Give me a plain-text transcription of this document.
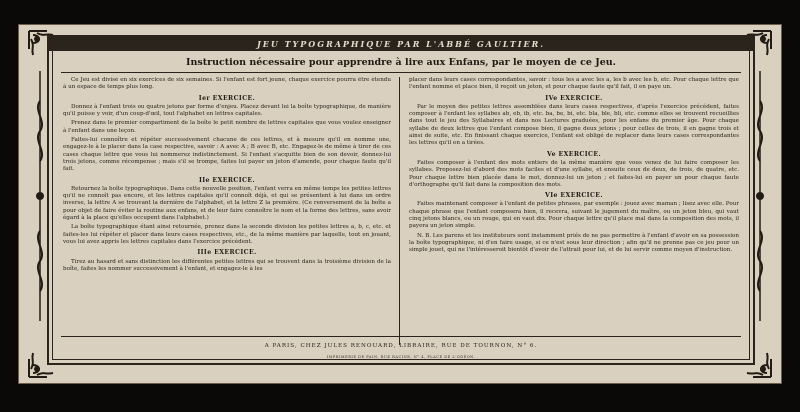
JEU TYPOGRAPHIQUE PAR L'ABBÉ GAULTIER.
Instruction nécessaire pour apprendre à lire aux Enfans, par le moyen de ce Jeu.

Ce Jeu est divisé en six exercices de six semaines. Si l'enfant est fort jeune, chaque exercice pourra être étendu à un espace de temps plus long.

Ier EXERCICE.

Donnez à l'enfant trois ou quatre jetons par forme d'enjeu. Placez devant lui la boîte typographique, de manière qu'il puisse y voir, d'un coup-d'œil, tout l'alphabet en lettres capitales.

Prenez dans le premier compartiment de la boîte le petit nombre de lettres capitales que vous voulez enseigner à l'enfant dans une leçon.

Faites-lui connoître et répéter successivement chacune de ces lettres, et à mesure qu'il en nomme une, engagez-le à le placer dans la case respective, savoir : A avec A ; B avec B, etc. Engagez-le de même à tirer de ces cases chaque lettre que vous lui nommerez indistinctement. Si l'enfant s'acquitte bien de son devoir, donnez-lui trois jetons, comme récompense ; mais s'il se trompe, faites lui payer un jeton d'amende, pour chaque faute qu'il fait.

IIe EXERCICE.

Retournez la boîte typographique. Dans cette nouvelle position, l'enfant verra en même temps les petites lettres qu'il ne connoît pas encore, et les lettres capitales qu'il connoît déjà, et qui se présentent à lui dans un ordre inverse, la lettre A se trouvant la dernière de l'alphabet, et la lettre Z la première. (Ce renversement de la boîte a pour objet de faire éviter la routine aux enfans, et de leur faire connoître le nom et la forme des lettres, sans avoir égard à la place qu'elles occupent dans l'alphabet.)

La boîte typographique étant ainsi retournée, prenez dans la seconde division les petites lettres a, b, c, etc. et faites-les lui répéter et placer dans leurs cases respectives, etc., de la même manière par laquelle, tout en jouant, vous lui avez appris les lettres capitales dans l'exercice précédent.

IIIe EXERCICE.

Tirez au hasard et sans distinction les différentes petites lettres qui se trouvent dans la troisième division de la boîte, faites les nommer successivement à l'enfant, et engagez-le à les

placer dans leurs cases correspondantes, savoir : tous les a avec les a, les b avec les b, etc. Pour chaque lettre que l'enfant nomme et place bien, il reçoit un jeton, et pour chaque faute qu'il fait, il en paye un.

IVe EXERCICE.

Par le moyen des petites lettres assemblées dans leurs cases respectives, d'après l'exercice précédent, faites composer à l'enfant les syllabes ab, eb, ib, etc. ba, be, bi, etc. bla, ble, bli, etc. comme elles se trouvent recueillies dans tout le jeu des Syllabaires et dans nos Lectures graduées, pour les enfans du premier âge. Pour chaque syllabe de deux lettres que l'enfant compose bien, il gagne deux jetons ; pour celles de trois, il en gagne trois et ainsi de suite, etc. En finissant chaque exercice, l'enfant est obligé de replacer dans leurs cases correspondantes les lettres qu'il en a tirées.

Ve EXERCICE.

Faites composer à l'enfant des mots entiers de la même manière que vous venez de lui faire composer les syllabes. Proposez-lui d'abord des mots faciles et d'une syllabe, et ensuite ceux de deux, de trois, de quatre, etc. Pour chaque lettre bien placée dans le mot, donnez-lui un jeton ; et faites-lui en payer un pour chaque faute d'orthographe qu'il fait dans la composition des mots.

VIe EXERCICE.

Faites maintenant composer à l'enfant de petites phrases, par exemple : jouez avec maman ; lisez avec elle. Pour chaque phrase que l'enfant composera bien, il recevra, suivant le jugement du maître, ou un jeton bleu, qui vaut cinq jetons blancs, ou un rouge, qui en vaut dix. Pour chaque lettre qu'il place mal dans la composition des mots, il payera un jeton simple.

N. B. Les parens et les instituteurs sont instamment priés de ne pas permettre à l'enfant d'avoir en sa possession la boîte typographique, ni d'en faire usage, si ce n'est sous leur direction ; afin qu'il ne prenne pas ce jeu pour un simple jouet, qui ne l'intéresseroit bientôt d'avoir de l'attrait pour lui, et de lui servir comme moyen d'instruction.

A PARIS, CHEZ JULES RENOUARD, LIBRAIRE, RUE DE TOURNON, N° 6.
IMPRIMERIE DE FAIN, RUE RACINE, N° 4, PLACE DE L'ODÉON.
